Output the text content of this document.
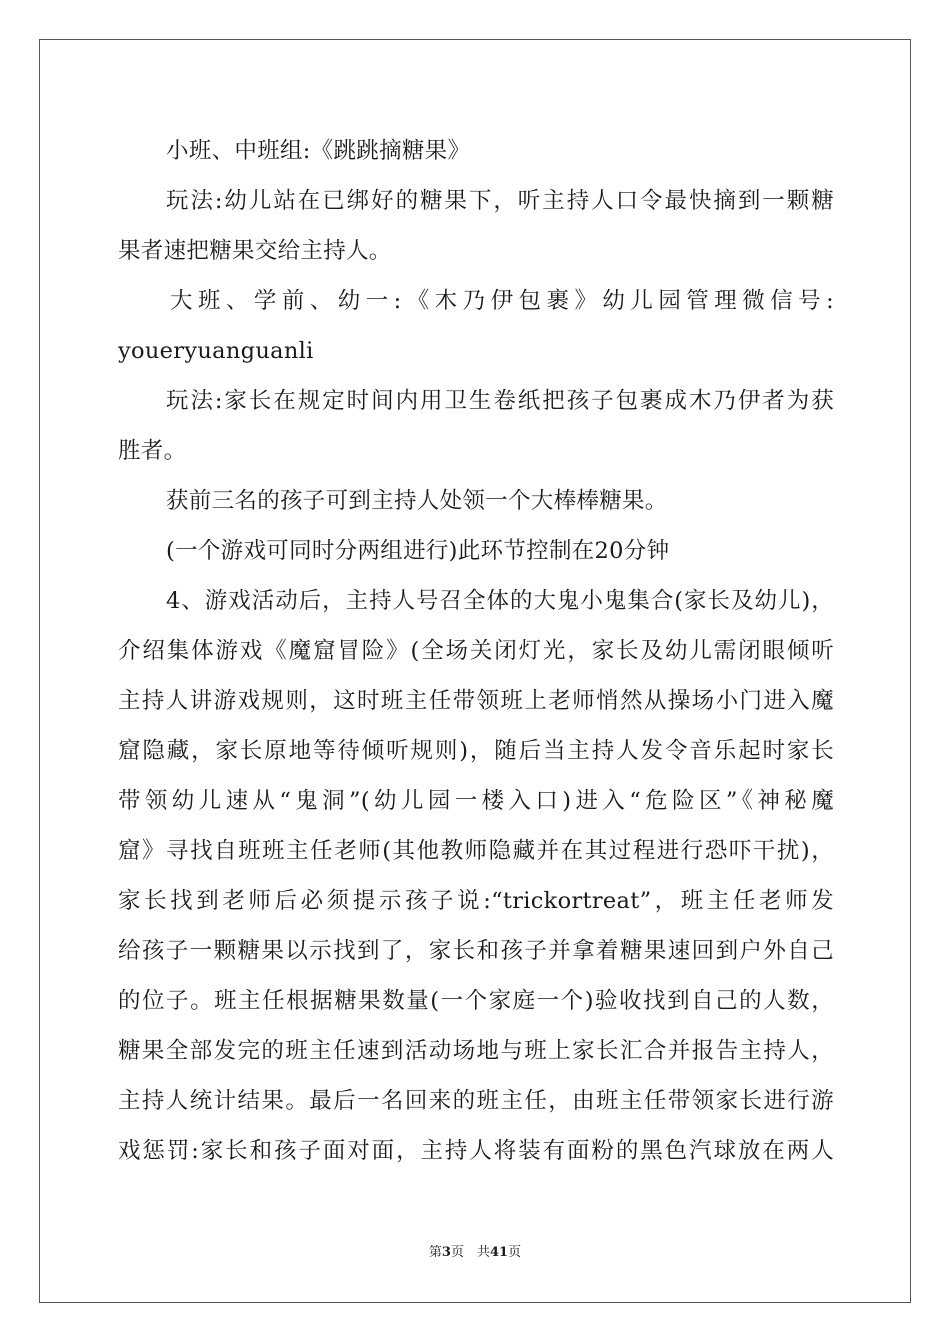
小班、中班组:《跳跳摘糖果》
玩法:幼儿站在已绑好的糖果下，听主持人口令最快摘到一颗糖
果者速把糖果交给主持人。
大班、学前、幼一:《木乃伊包裹》幼儿园管理微信号:
youeryuanguanli
玩法:家长在规定时间内用卫生卷纸把孩子包裹成木乃伊者为获
胜者。
获前三名的孩子可到主持人处领一个大棒棒糖果。
(一个游戏可同时分两组进行)此环节控制在20分钟
4、游戏活动后，主持人号召全体的大鬼小鬼集合(家长及幼儿)，
介绍集体游戏《魔窟冒险》(全场关闭灯光，家长及幼儿需闭眼倾听
主持人讲游戏规则，这时班主任带领班上老师悄然从操场小门进入魔
窟隐藏，家长原地等待倾听规则)，随后当主持人发令音乐起时家长
带领幼儿速从“鬼洞”(幼儿园一楼入口)进入“危险区”《神秘魔
窟》寻找自班班主任老师(其他教师隐藏并在其过程进行恐吓干扰)，
家长找到老师后必须提示孩子说:“trickortreat”，班主任老师发
给孩子一颗糖果以示找到了，家长和孩子并拿着糖果速回到户外自己
的位子。班主任根据糖果数量(一个家庭一个)验收找到自己的人数，
糖果全部发完的班主任速到活动场地与班上家长汇合并报告主持人，
主持人统计结果。最后一名回来的班主任，由班主任带领家长进行游
戏惩罚:家长和孩子面对面，主持人将装有面粉的黑色汽球放在两人
第3页　共41页
